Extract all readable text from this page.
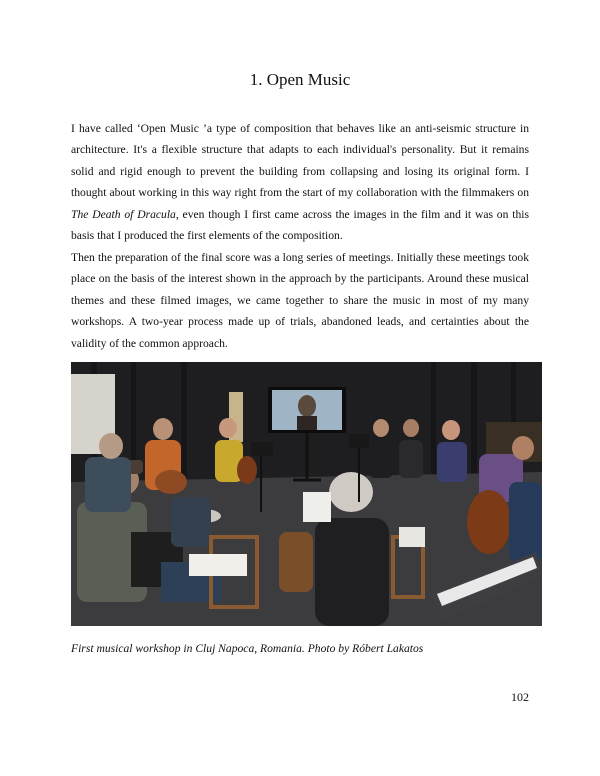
1. Open Music

I have called ‘Open Music ’a type of composition that behaves like an anti-seismic structure in architecture. It's a flexible structure that adapts to each individual's personality. But it remains solid and rigid enough to prevent the building from collapsing and losing its original form. I thought about working in this way right from the start of my collaboration with the filmmakers on The Death of Dracula, even though I first came across the images in the film and it was on this basis that I produced the first elements of the composition.

Then the preparation of the final score was a long series of meetings. Initially these meetings took place on the basis of the interest shown in the approach by the participants. Around these musical themes and these filmed images, we came together to share the music in most of my many workshops. A two-year process made up of trials, abandoned leads, and certainties about the validity of the common approach.

First musical workshop in Cluj Napoca, Romania. Photo by Róbert Lakatos
102
